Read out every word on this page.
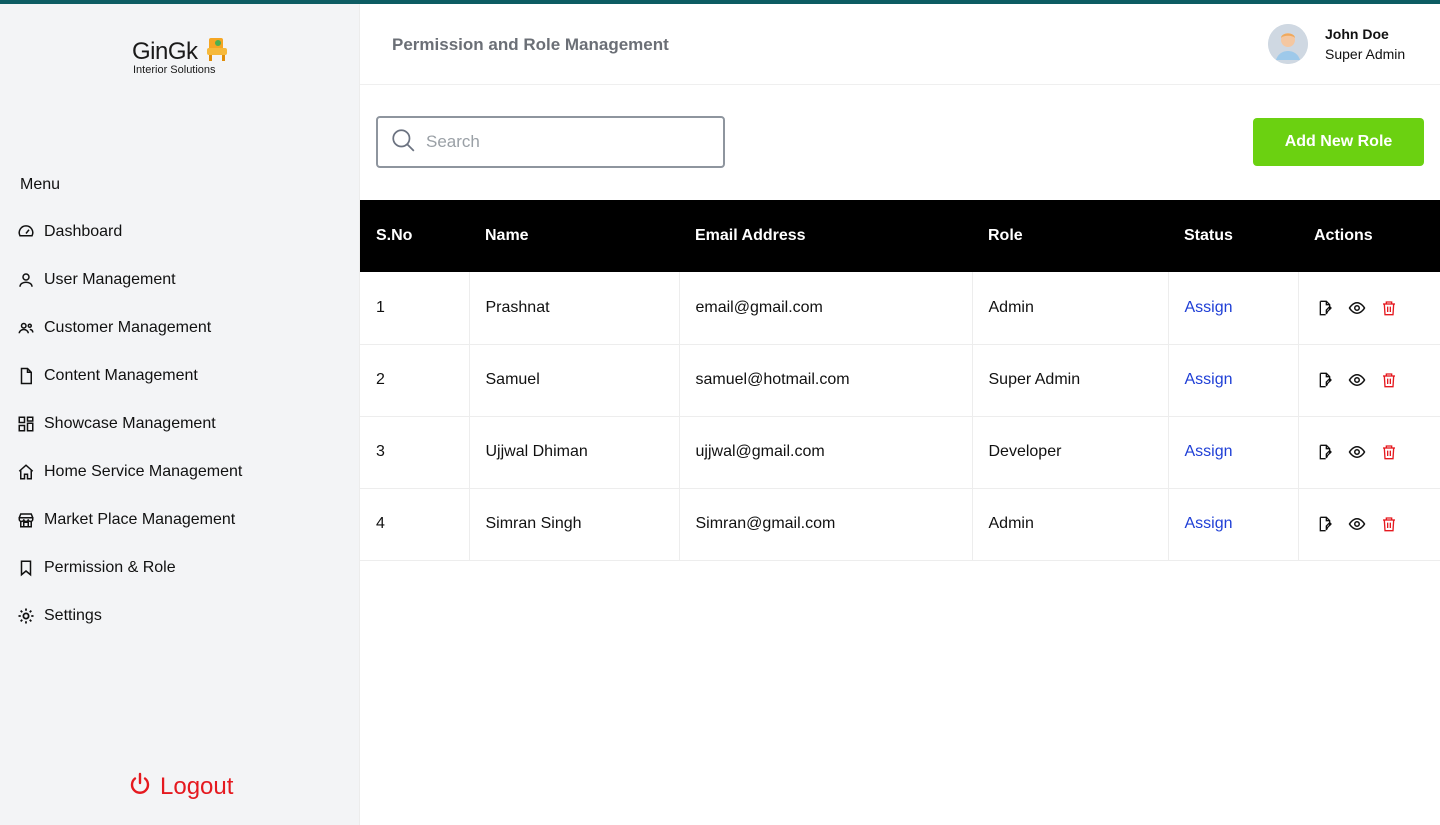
GinGk
Interior Solutions
Menu
Dashboard
User Management
Customer Management
Content Management
Showcase Management
Home Service Management
Market Place Management
Permission & Role
Settings
Logout
Permission and Role Management
John Doe
Super Admin
Search
Add New Role
S.No	Name	Email Address	Role	Status	Actions
1	Prashnat	email@gmail.com	Admin	Assign	

2	Samuel	samuel@hotmail.com	Super Admin	Assign	

3	Ujjwal Dhiman	ujjwal@gmail.com	Developer	Assign	

4	Simran Singh	Simran@gmail.com	Admin	Assign	
